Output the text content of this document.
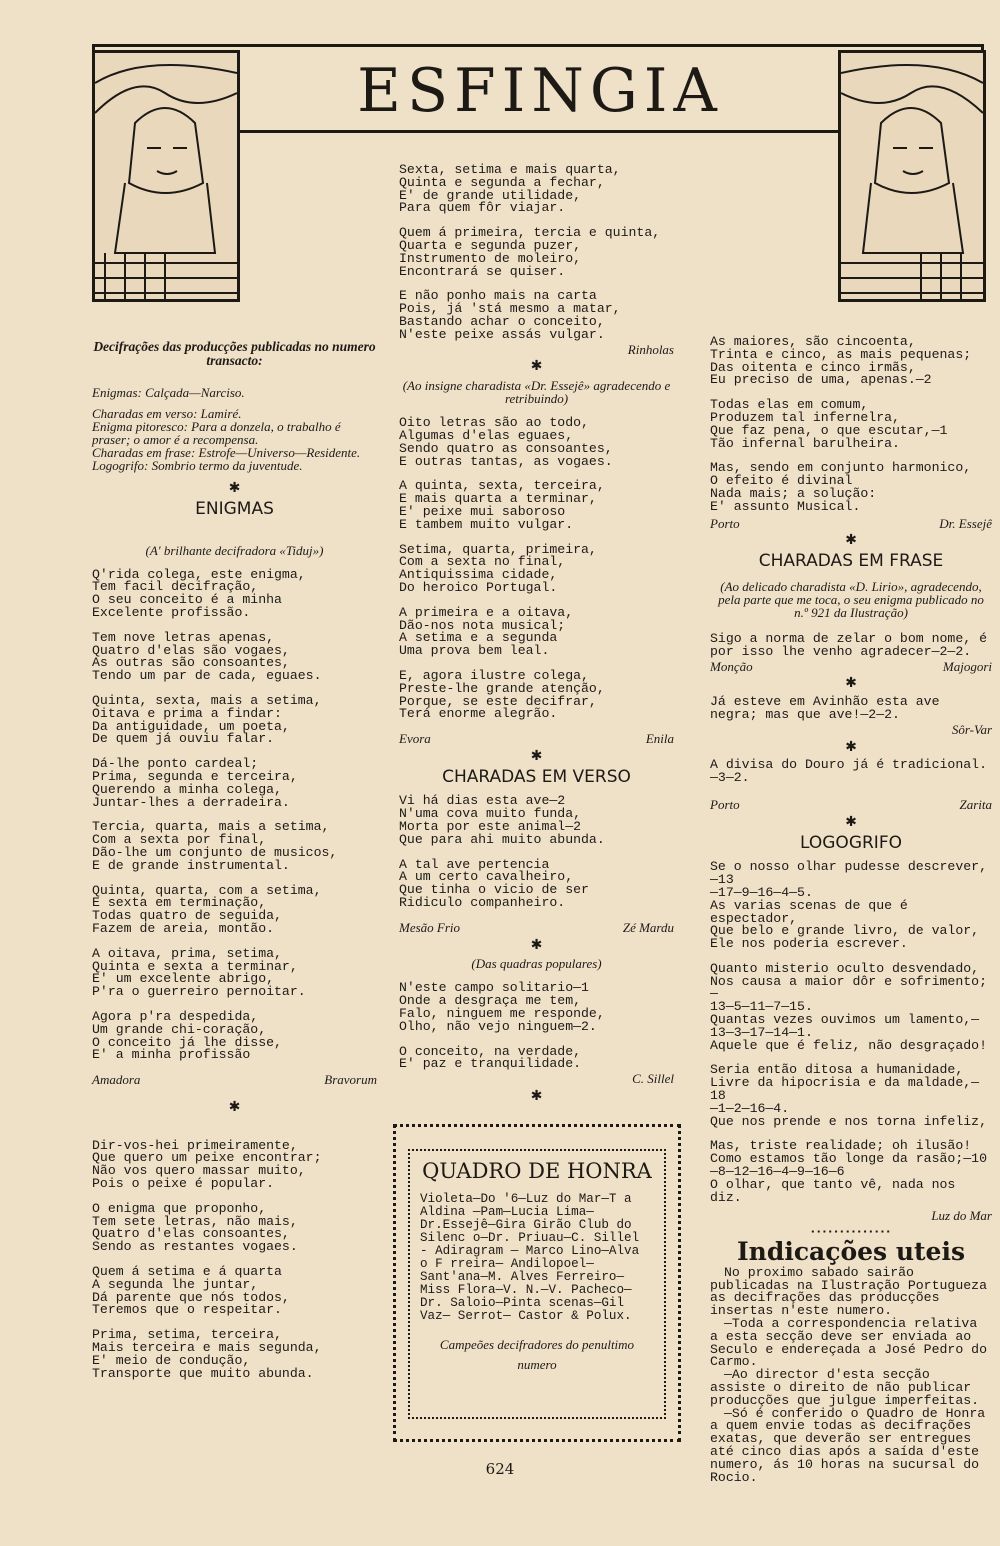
ESFINGIA
Decifrações das producções publicadas no numero transacto:
Enigmas: Calçada—Narciso.
Charadas em verso: Lamiré.
Enigma pitoresco: Para a donzela, o trabalho é praser; o amor é a recompensa.
Charadas em frase: Estrofe—Universo—Residente.
Logogrifo: Sombrio termo da juventude.
✱
ENIGMAS
(A' brilhante decifradora «Tiduj»)

Q'rida colega, este enigma,
Tem facil decifração,
O seu conceito é a minha
Excelente profissão.

Tem nove letras apenas,
Quatro d'elas são vogaes,
As outras são consoantes,
Tendo um par de cada, eguaes.

Quinta, sexta, mais a setima,
Oitava e prima a findar:
Da antiguidade, um poeta,
De quem já ouviu falar.

Dá-lhe ponto cardeal;
Prima, segunda e terceira,
Querendo a minha colega,
Juntar-lhes a derradeira.

Tercia, quarta, mais a setima,
Com a sexta por final,
Dão-lhe um conjunto de musicos,
E de grande instrumental.

Quinta, quarta, com a setima,
E sexta em terminação,
Todas quatro de seguida,
Fazem de areia, montão.

A oitava, prima, setima,
Quinta e sexta a terminar,
E' um excelente abrigo,
P'ra o guerreiro pernoitar.

Agora p'ra despedida,
Um grande chi-coração,
O conceito já lhe disse,
E' a minha profissão

Amadora	Bravorum
✱

Dir-vos-hei primeiramente,
Que quero um peixe encontrar;
Não vos quero massar muito,
Pois o peixe é popular.

O enigma que proponho,
Tem sete letras, não mais,
Quatro d'elas consoantes,
Sendo as restantes vogaes.

Quem á setima e á quarta
A segunda lhe juntar,
Dá parente que nós todos,
Teremos que o respeitar.

Prima, setima, terceira,
Mais terceira e mais segunda,
E' meio de condução,
Transporte que muito abunda.

Sexta, setima e mais quarta,
Quinta e segunda a fechar,
E' de grande utilidade,
Para quem fôr viajar.

Quem á primeira, tercia e quinta,
Quarta e segunda puzer,
Instrumento de moleiro,
Encontrará se quiser.

E não ponho mais na carta
Pois, já 'stá mesmo a matar,
Bastando achar o conceito,
N'este peixe assás vulgar.

Rinholas
✱
(Ao insigne charadista «Dr. Essejê» agradecendo e retribuindo)

Oito letras são ao todo,
Algumas d'elas eguaes,
Sendo quatro as consoantes,
E outras tantas, as vogaes.

A quinta, sexta, terceira,
E mais quarta a terminar,
E' peixe mui saboroso
E tambem muito vulgar.

Setima, quarta, primeira,
Com a sexta no final,
Antiquissima cidade,
Do heroico Portugal.

A primeira e a oitava,
Dão-nos nota musical;
A setima e a segunda
Uma prova bem leal.

E, agora ilustre colega,
Preste-lhe grande atenção,
Porque, se este decifrar,
Terá enorme alegrão.

Evora	Enila
✱
CHARADAS EM VERSO

Vi há dias esta ave—2
N'uma cova muito funda,
Morta por este animal—2
Que para ahi muito abunda.

A tal ave pertencia
A um certo cavalheiro,
Que tinha o vicio de ser
Ridiculo companheiro.

Mesão Frio	Zé Mardu
✱
(Das quadras populares)

N'este campo solitario—1
Onde a desgraça me tem,
Falo, ninguem me responde,
Olho, não vejo ninguem—2.

O conceito, na verdade,
E' paz e tranquilidade.

C. Sillel
✱
QUADRO DE HONRA
Violeta—Do '6—Luz do Mar—T a Aldina —Pam—Lucia Lima—Dr.Essejê—Gira Girão Club do Silenc o—Dr. Priuau—C. Sillel - Adiragram — Marco Lino—Alva o F rreira— Andilopoel—Sant'ana—M. Alves Ferreiro—Miss Flora—V. N.—V. Pacheco—Dr. Saloio—Pinta scenas—Gil Vaz— Serrot— Castor & Polux.
Campeões decifradores do penultimo numero

As maiores, são cincoenta,
Trinta e cinco, as mais pequenas;
Das oitenta e cinco irmãs,
Eu preciso de uma, apenas.—2

Todas elas em comum,
Produzem tal infernelra,
Que faz pena, o que escutar,—1
Tão infernal barulheira.

Mas, sendo em conjunto harmonico,
O efeito é divinal
Nada mais; a solução:
E' assunto Musical.

Porto	Dr. Essejê
✱
CHARADAS EM FRASE
(Ao delicado charadista «D. Lirio», agradecendo, pela parte que me toca, o seu enigma publicado no n.º 921 da Ilustração)

Sigo a norma de zelar o bom nome, é por isso lhe venho agradecer—2—2.

Monção	Majogori
✱

Já esteve em Avinhão esta ave negra; mas que ave!—2—2.

Sôr-Var
✱

A divisa do Douro já é tradicional. —3—2.

Porto	Zarita
✱
LOGOGRIFO

Se o nosso olhar pudesse descrever,—13
—17—9—16—4—5.
As varias scenas de que é espectador,
Que belo e grande livro, de valor,
Ele nos poderia escrever.

Quanto misterio oculto desvendado,
Nos causa a maior dôr e sofrimento;—
13—5—11—7—15.
Quantas vezes ouvimos um lamento,—
13—3—17—14—1.
Aquele que é feliz, não desgraçado!

Seria então ditosa a humanidade,
Livre da hipocrisia e da maldade,—18
—1—2—16—4.
Que nos prende e nos torna infeliz,

Mas, triste realidade; oh ilusão!
Como estamos tão longe da rasão;—10
—8—12—16—4—9—16—6
O olhar, que tanto vê, nada nos diz.

Luz do Mar
▪▪▪▪▪▪▪▪▪▪▪▪▪▪
Indicações uteis

No proximo sabado sairão publicadas na Ilustração Portugueza as decifrações das producções insertas n'este numero.

—Toda a correspondencia relativa a esta secção deve ser enviada ao Seculo e endereçada a José Pedro do Carmo.

—Ao director d'esta secção assiste o direito de não publicar producções que julgue imperfeitas.

—Só é conferido o Quadro de Honra a quem envie todas as decifrações exatas, que deverão ser entregues até cinco dias após a saída d'este numero, ás 10 horas na sucursal do Rocio.

624
